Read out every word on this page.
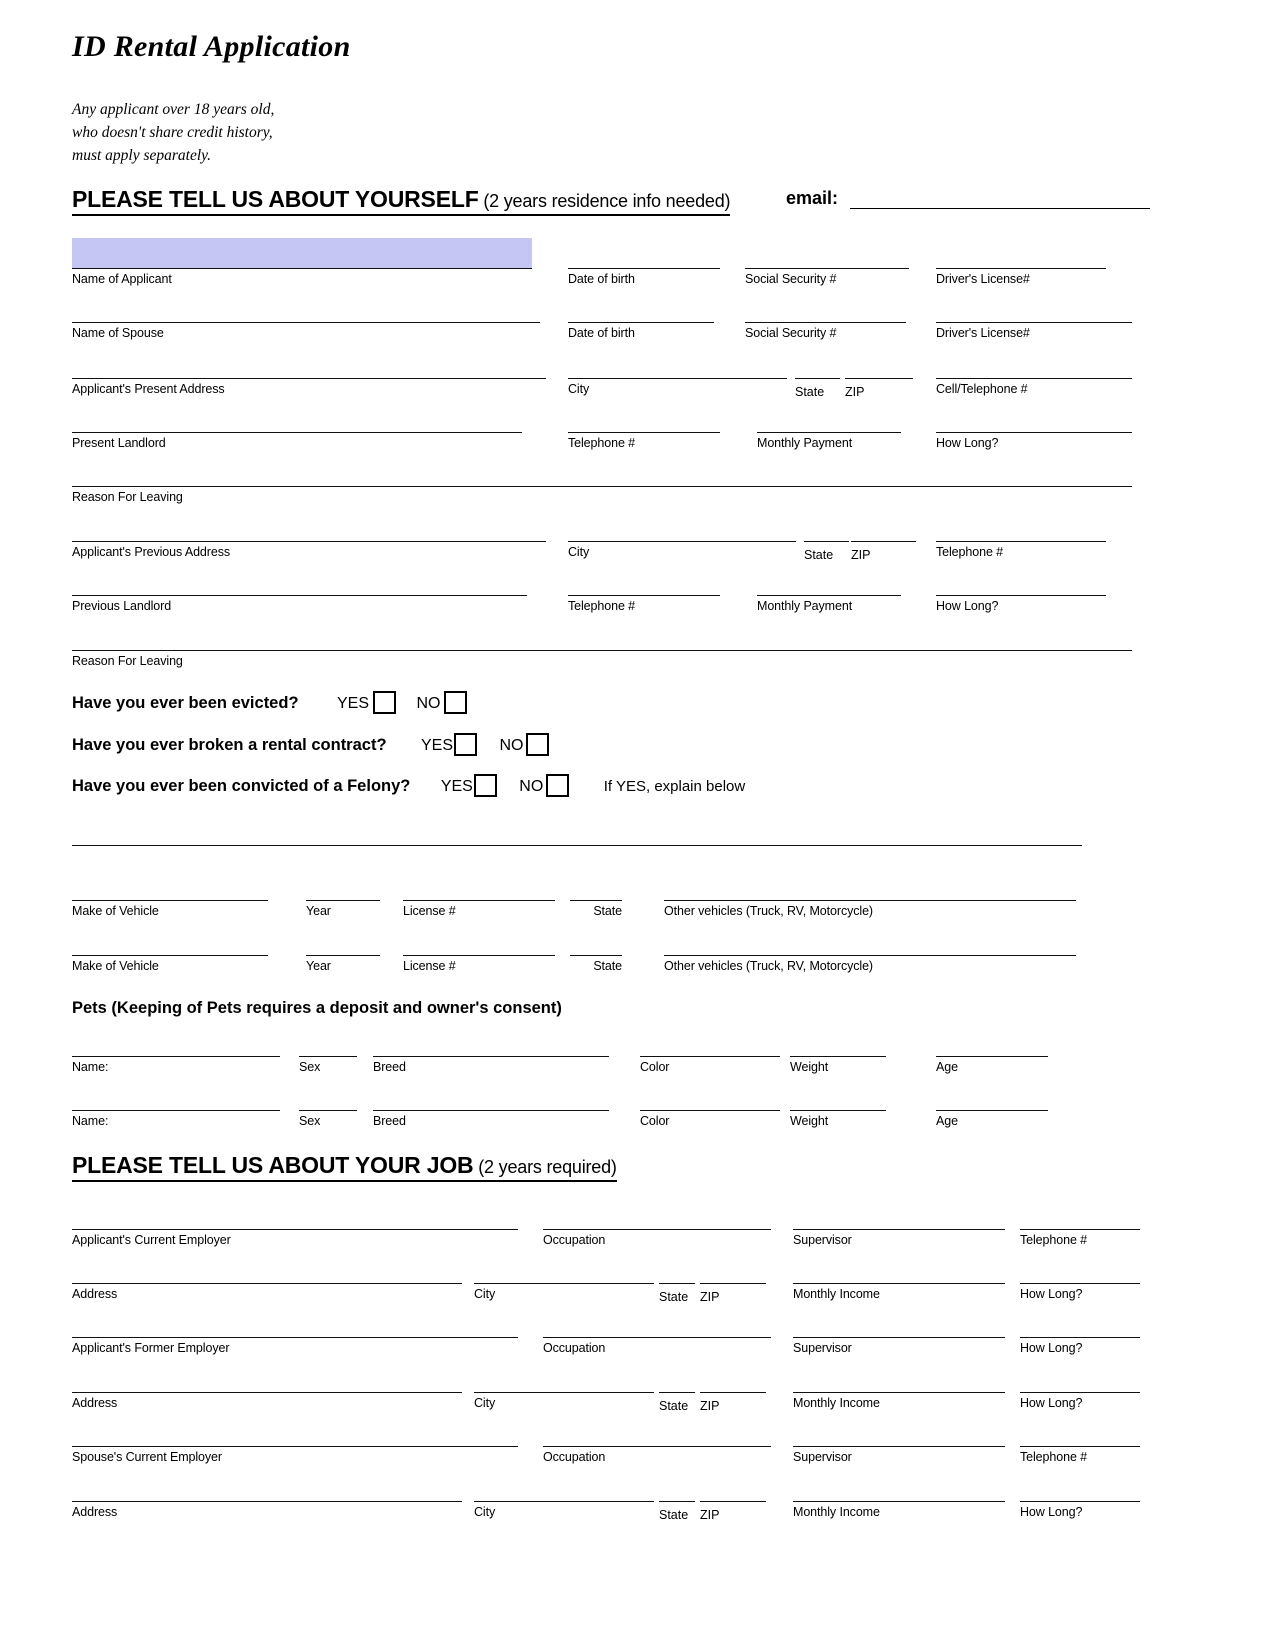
ID Rental Application
Any applicant over 18 years old,
who doesn't share credit history,
must apply separately.
PLEASE TELL US ABOUT YOURSELF (2 years residence info needed)	email:
Name of Applicant	Date of birth	Social Security #	Driver's License#
Name of Spouse	Date of birth	Social Security #	Driver's License#
Applicant's Present Address	City	State ZIP	Cell/Telephone #
Present Landlord	Telephone #	Monthly Payment	How Long?
Reason For Leaving
Applicant's Previous Address	City	State ZIP	Telephone #
Previous Landlord	Telephone #	Monthly Payment	How Long?
Reason For Leaving
Have you ever been evicted? YES	NO
Have you ever broken a rental contract? YES	NO
Have you ever been convicted of a Felony? YES	NO	If YES, explain below
Make of Vehicle	Year	License #	State	Other vehicles (Truck, RV, Motorcycle)
Make of Vehicle	Year	License #	State	Other vehicles (Truck, RV, Motorcycle)
Pets (Keeping of Pets requires a deposit and owner's consent)
Name:	Sex	Breed	Color	Weight	Age
Name:	Sex	Breed	Color	Weight	Age
PLEASE TELL US ABOUT YOUR JOB (2 years required)
Applicant's Current Employer	Occupation	Supervisor	Telephone #
Address	City	State ZIP	Monthly Income	How Long?
Applicant's Former Employer	Occupation	Supervisor	How Long?
Address	City	State ZIP	Monthly Income	How Long?
Spouse's Current Employer	Occupation	Supervisor	Telephone #
Address	City	State ZIP	Monthly Income	How Long?
